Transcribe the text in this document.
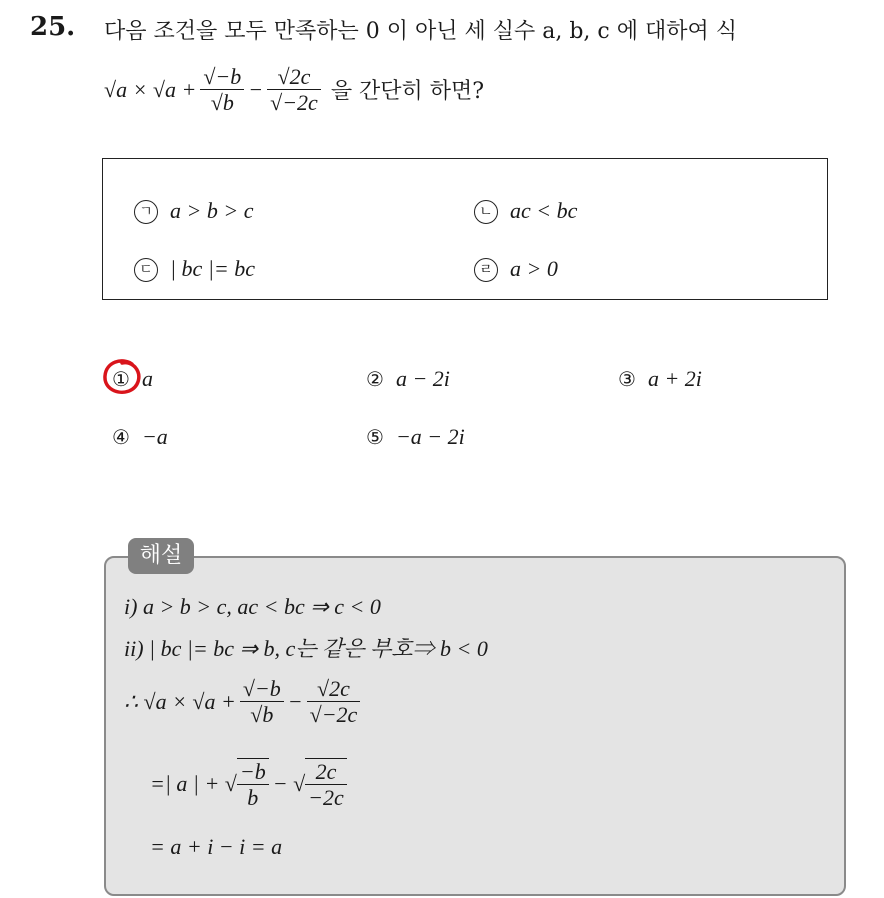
25. 다음 조건을 모두 만족하는 0 이 아닌 세 실수 a, b, c 에 대하여 식
$√a \times √a + \frac{√-b}{√b} - \frac{√2c}{√-2c}$ 을 간단히 하면?
ㄱ a > b > c	ㄴ ac < bc
ㄷ | bc |= bc	ㄹ a > 0
① a	② a − 2i	③ a + 2i
④ −a	⑤ −a − 2i
해설
i) a > b > c, ac < bc ⇒ c < 0
ii) | bc |= bc ⇒ b, c는 같은 부호⇒ b < 0
∴ $√a \times √a + \frac{√-b}{√b} - \frac{√2c}{√-2c}$
=| a | + √ $\frac{-b}{b}$ − √ $\frac{2c}{-2c}$
= a + i − i = a
